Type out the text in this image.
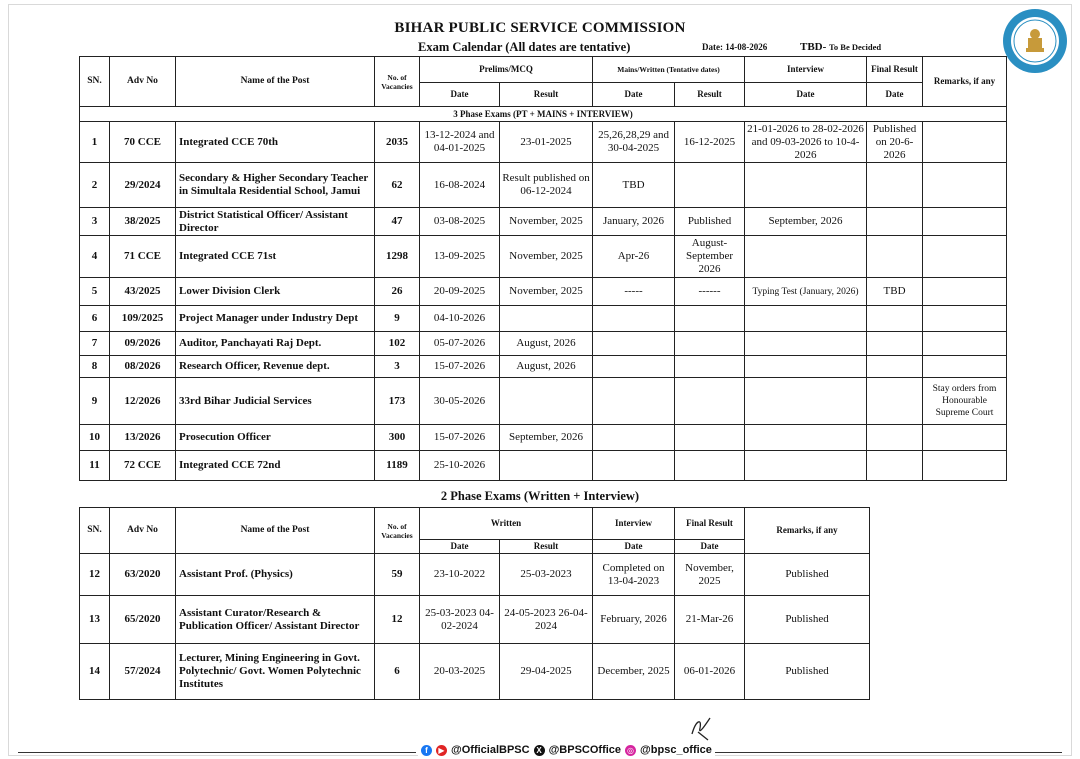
BIHAR PUBLIC SERVICE COMMISSION
Exam Calendar (All dates are tentative)	Date: 14-08-2026	TBD- To Be Decided
SN.	Adv No	Name of the Post	No. of Vacancies	Prelims/MCQ		Mains/Written (Tentative dates)		Interview	Final Result	Remarks, if any
				Date	Result	Date	Result	Date	Date	
3 Phase Exams (PT + MAINS + INTERVIEW)										
1	70 CCE	Integrated CCE 70th	2035	13-12-2024 and 04-01-2025	23-01-2025	25,26,28,29 and 30-04-2025	16-12-2025	21-01-2026 to 28-02-2026 and 09-03-2026 to 10-4-2026	Published on 20-6-2026	
2	29/2024	Secondary & Higher Secondary Teacher in Simultala Residential School, Jamui	62	16-08-2024	Result published on 06-12-2024	TBD				
3	38/2025	District Statistical Officer/ Assistant Director	47	03-08-2025	November, 2025	January, 2026	Published	September, 2026		
4	71 CCE	Integrated CCE 71st	1298	13-09-2025	November, 2025	Apr-26	August-September 2026			
5	43/2025	Lower Division Clerk	26	20-09-2025	November, 2025	-----	------	Typing Test (January, 2026)	TBD	
6	109/2025	Project Manager under Industry Dept	9	04-10-2026						
7	09/2026	Auditor, Panchayati Raj Dept.	102	05-07-2026	August, 2026					
8	08/2026	Research Officer, Revenue dept.	3	15-07-2026	August, 2026					
9	12/2026	33rd Bihar Judicial Services	173	30-05-2026						Stay orders from Honourable Supreme Court
10	13/2026	Prosecution Officer	300	15-07-2026	September, 2026					
11	72 CCE	Integrated CCE 72nd	1189	25-10-2026						
2 Phase Exams (Written + Interview)
SN.	Adv No	Name of the Post	No. of Vacancies	Written		Interview	Final Result	Remarks, if any
				Date	Result	Date	Date	
12	63/2020	Assistant Prof. (Physics)	59	23-10-2022	25-03-2023	Completed on 13-04-2023	November, 2025	Published
13	65/2020	Assistant Curator/Research & Publication Officer/ Assistant Director	12	25-03-2023 04-02-2024	24-05-2023 26-04-2024	February, 2026	21-Mar-26	Published
14	57/2024	Lecturer, Mining Engineering in Govt. Polytechnic/ Govt. Women Polytechnic Institutes	6	20-03-2025	29-04-2025	December, 2025	06-01-2026	Published
f	▶ @OfficialBPSC X @BPSCOffice ◎ @bpsc_office
